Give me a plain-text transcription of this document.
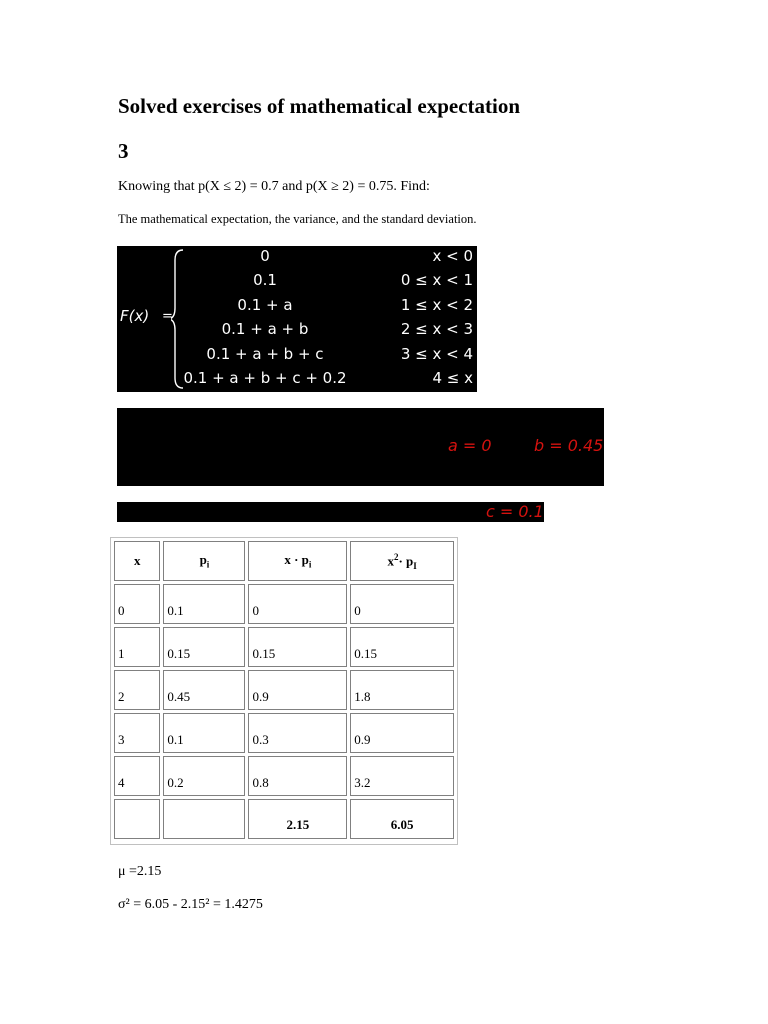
Solved exercises of mathematical expectation
3
Knowing that p(X ≤ 2) = 0.7 and p(X ≥ 2) = 0.75. Find:
The mathematical expectation, the variance, and the standard deviation.
F(x) =
0	x < 0
0.1	0 ≤ x < 1
0.1 + a	1 ≤ x < 2
0.1 + a + b	2 ≤ x < 3
0.1 + a + b + c	3 ≤ x < 4
0.1 + a + b + c + 0.2	4 ≤ x
a = 0	b = 0.45
c = 0.1
x	$p_i$	$x \cdot p_i$	$x^2\cdot p_I$
0	0.1	0	0
1	0.15	0.15	0.15
2	0.45	0.9	1.8
3	0.1	0.3	0.9
4	0.2	0.8	3.2
		2.15	6.05
μ =2.15
σ² = 6.05 - 2.15² = 1.4275
